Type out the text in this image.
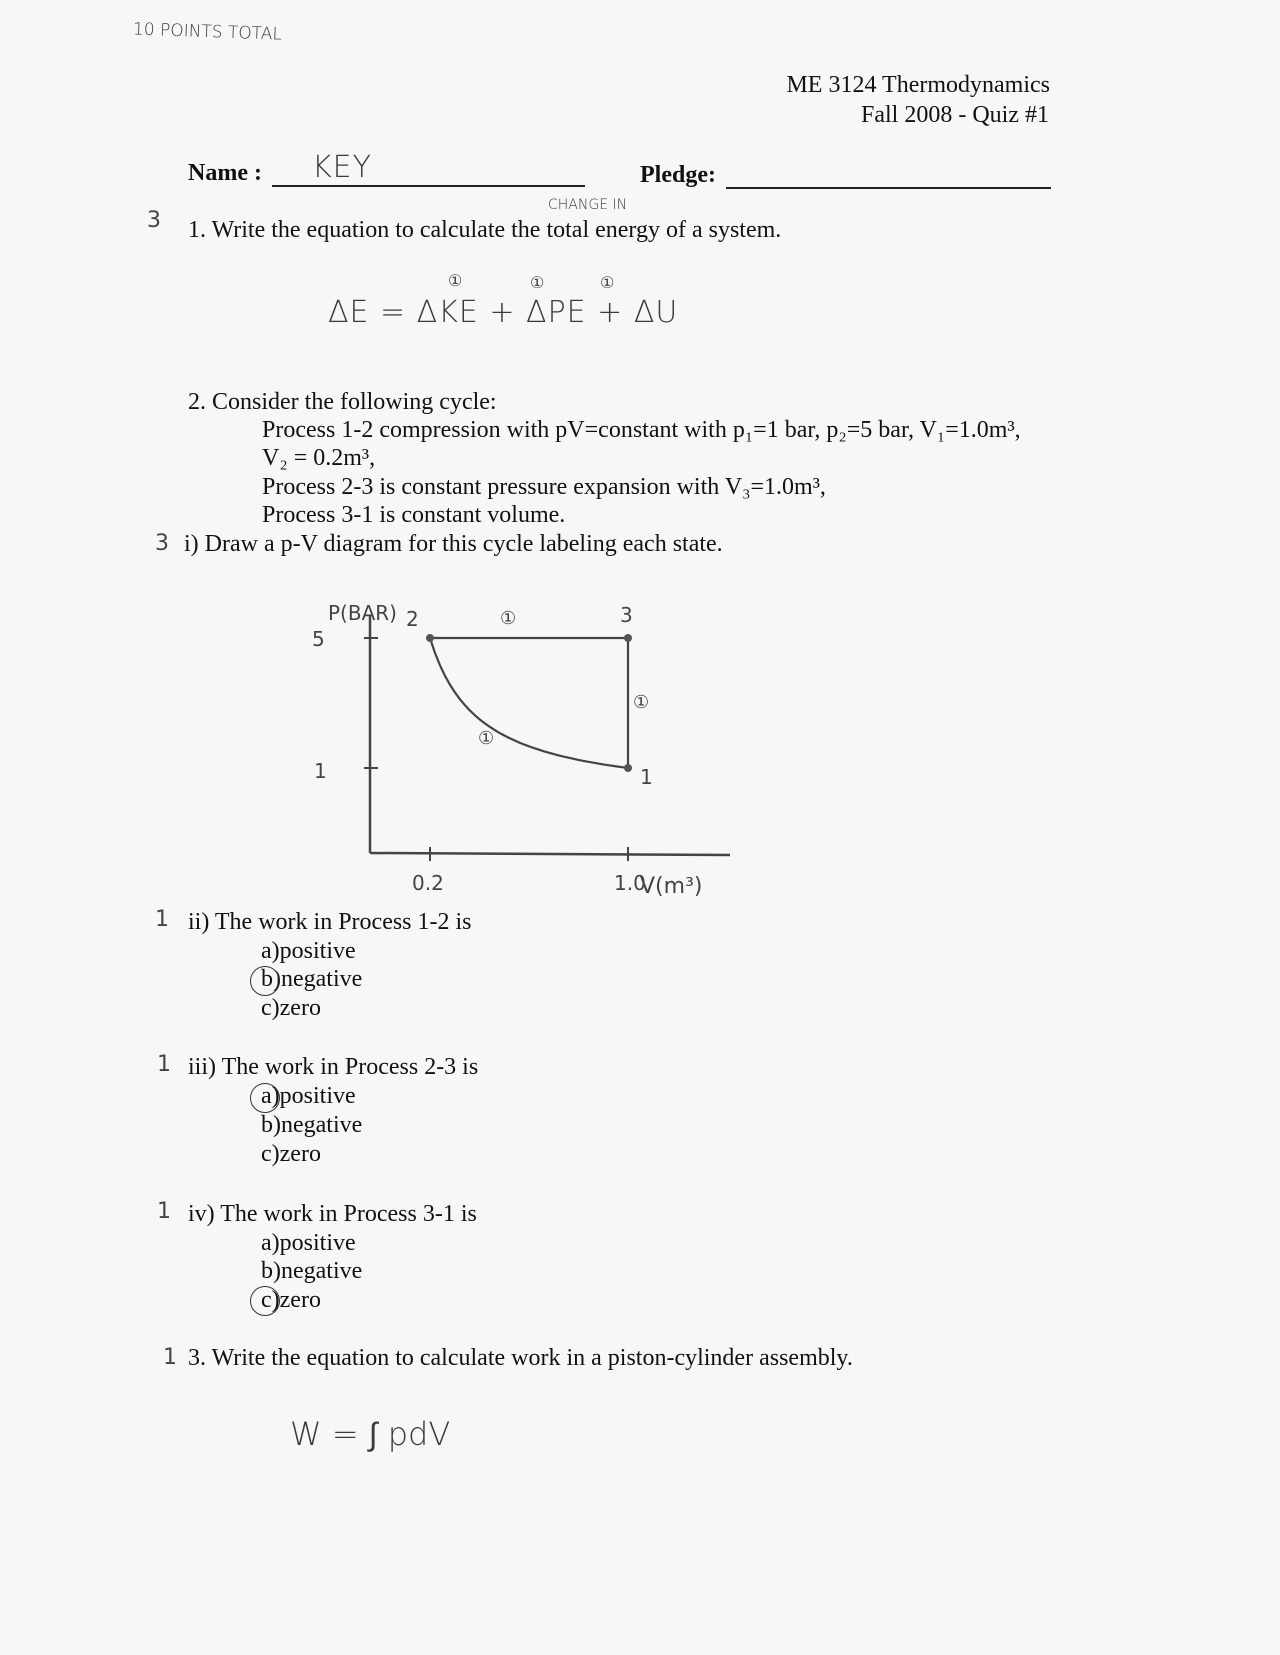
10 POINTS TOTAL
ME 3124 Thermodynamics
Fall 2008 - Quiz #1
Name : KEY	Pledge:
3
CHANGE IN
1. Write the equation to calculate the total energy of a system.
①	①	①
ΔE = ΔKE + ΔPE + ΔU
2. Consider the following cycle:
Process 1-2 compression with pV=constant with p₁=1 bar, p₂=5 bar, V₁=1.0m³,
V₂ = 0.2m³,
Process 2-3 is constant pressure expansion with V₃=1.0m³,
Process 3-1 is constant volume.
3 i) Draw a p-V diagram for this cycle labeling each state.
P(BAR)
V(m³)
5
1
0.2	1.0
2	3
1
①
①
①
1 ii) The work in Process 1-2 is
a)positive
b)negative
c)zero
1 iii) The work in Process 2-3 is
a)positive
b)negative
c)zero
1 iv) The work in Process 3-1 is
a)positive
b)negative
c)zero
1 3. Write the equation to calculate work in a piston-cylinder assembly.
W = ∫ pdV
